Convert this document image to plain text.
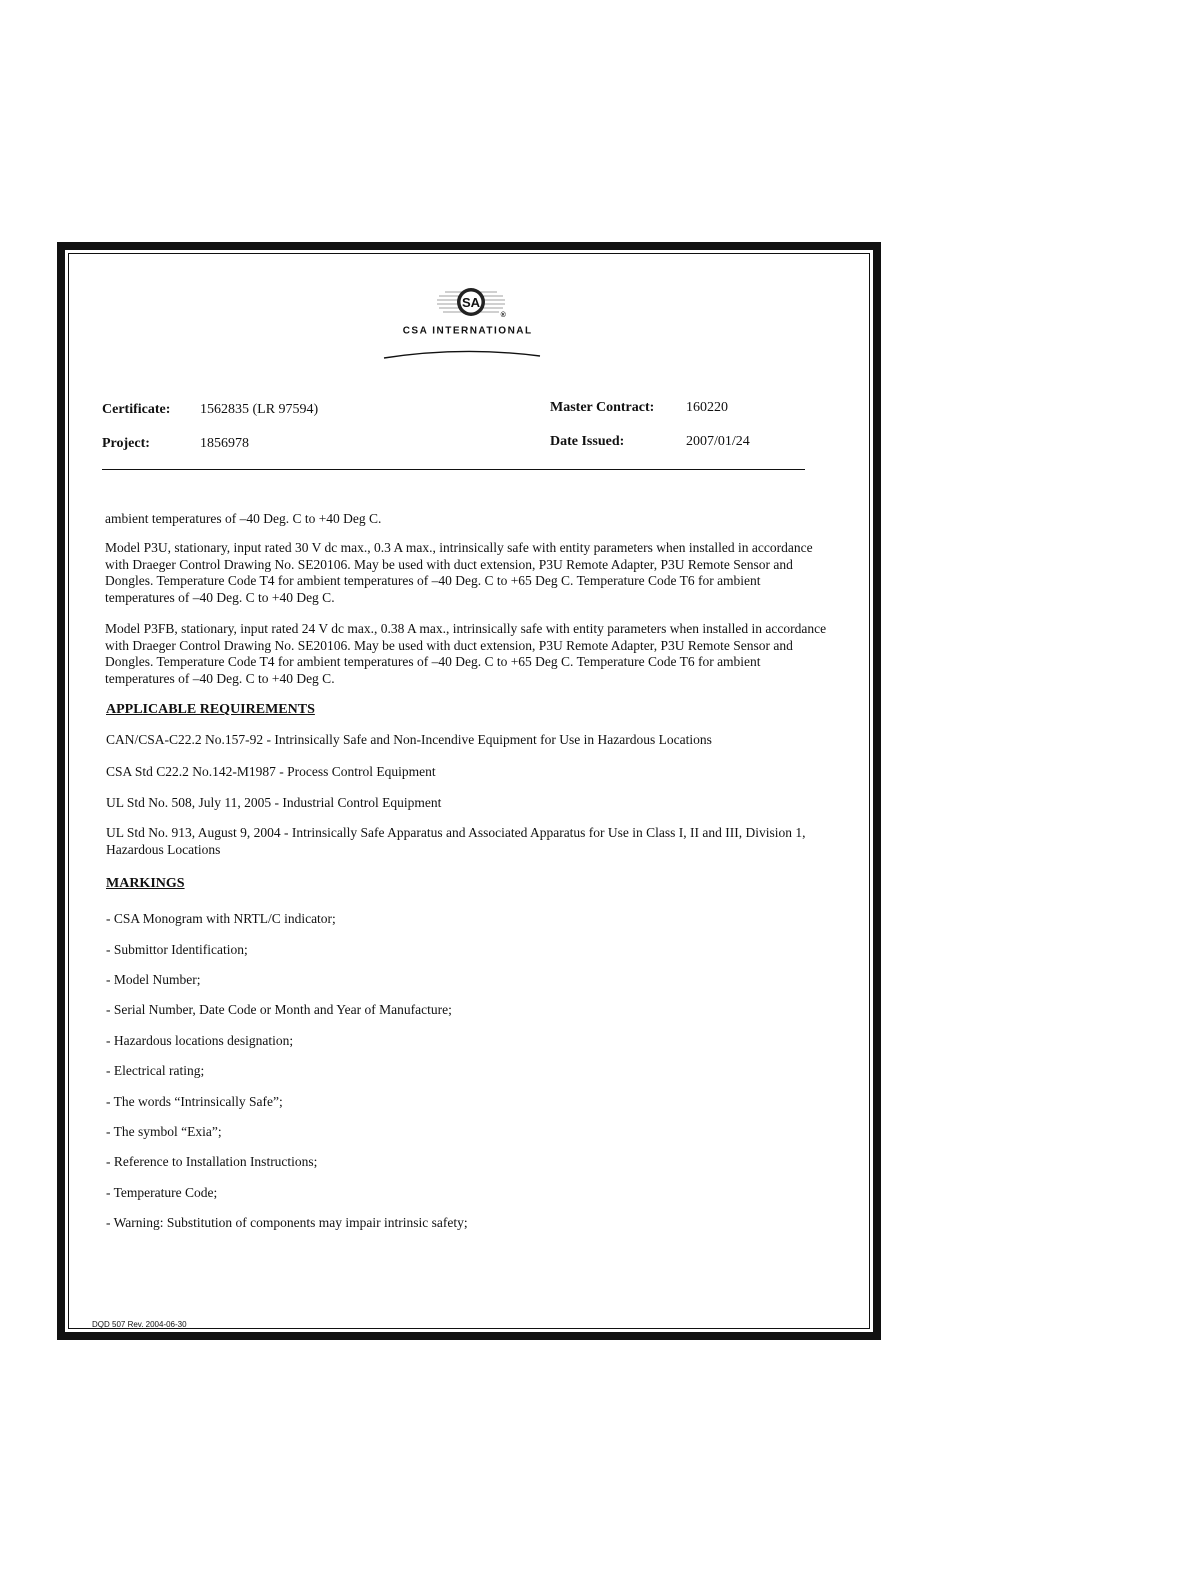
SA
CSA INTERNATIONAL®
Certificate: 1562835 (LR 97594)
Project:	1856978
Master Contract: 160220
Date Issued:	2007/01/24

ambient temperatures of –40 Deg. C to +40 Deg C.

Model P3U, stationary, input rated 30 V dc max., 0.3 A max., intrinsically safe with entity parameters when installed in accordance with Draeger Control Drawing No. SE20106. May be used with duct extension, P3U Remote Adapter, P3U Remote Sensor and Dongles. Temperature Code T4 for ambient temperatures of –40 Deg. C to +65 Deg C. Temperature Code T6 for ambient temperatures of –40 Deg. C to +40 Deg C.

Model P3FB, stationary, input rated 24 V dc max., 0.38 A max., intrinsically safe with entity parameters when installed in accordance with Draeger Control Drawing No. SE20106. May be used with duct extension, P3U Remote Adapter, P3U Remote Sensor and Dongles. Temperature Code T4 for ambient temperatures of –40 Deg. C to +65 Deg C. Temperature Code T6 for ambient temperatures of –40 Deg. C to +40 Deg C.

APPLICABLE REQUIREMENTS
CAN/CSA-C22.2 No.157-92 - Intrinsically Safe and Non-Incendive Equipment for Use in Hazardous Locations
CSA Std C22.2 No.142-M1987 - Process Control Equipment
UL Std No. 508, July 11, 2005 - Industrial Control Equipment
UL Std No. 913, August 9, 2004 - Intrinsically Safe Apparatus and Associated Apparatus for Use in Class I, II and III, Division 1, Hazardous Locations
MARKINGS
- CSA Monogram with NRTL/C indicator;
- Submittor Identification;
- Model Number;
- Serial Number, Date Code or Month and Year of Manufacture;
- Hazardous locations designation;
- Electrical rating;
- The words “Intrinsically Safe”;
- The symbol “Exia”;
- Reference to Installation Instructions;
- Temperature Code;
- Warning: Substitution of components may impair intrinsic safety;
DQD 507 Rev. 2004-06-30
